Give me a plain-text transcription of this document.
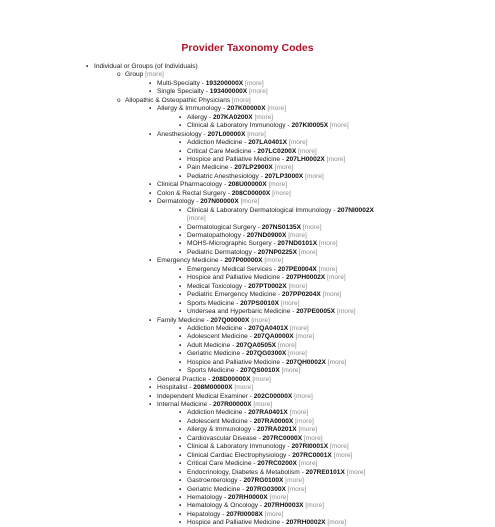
Provider Taxonomy Codes
▪ Individual or Groups (of Individuals)
o Group [more]
▪ Multi-Specialty - 193200000X [more]
▪ Single Specialty - 193400000X [more]
o Allopathic & Osteopathic Physicians [more]
▪ Allergy & Immunology - 207K00000X [more]
▪ Allergy - 207KA0200X [more]
▪ Clinical & Laboratory Immunology - 207KI0005X [more]
▪ Anesthesiology - 207L00000X [more]
▪ Addiction Medicine - 207LA0401X [more]
▪ Critical Care Medicine - 207LC0200X [more]
▪ Hospice and Palliative Medicine - 207LH0002X [more]
▪ Pain Medicine - 207LP2900X [more]
▪ Pediatric Anesthesiology - 207LP3000X [more]
▪ Clinical Pharmacology - 208U00000X [more]
▪ Colon & Rectal Surgery - 208C00000X [more]
▪ Dermatology - 207N00000X [more]
▪ Clinical & Laboratory Dermatological Immunology - 207NI0002X
[more]
▪ Dermatological Surgery - 207NS0135X [more]
▪ Dermatopathology - 207ND0900X [more]
▪ MOHS-Micrographic Surgery - 207ND0101X [more]
▪ Pediatric Dermatology - 207NP0225X [more]
▪ Emergency Medicine - 207P00000X [more]
▪ Emergency Medical Services - 207PE0004X [more]
▪ Hospice and Palliative Medicine - 207PH0002X [more]
▪ Medical Toxicology - 207PT0002X [more]
▪ Pediatric Emergency Medicine - 207PP0204X [more]
▪ Sports Medicine - 207PS0010X [more]
▪ Undersea and Hyperbaric Medicine - 207PE0005X [more]
▪ Family Medicine - 207Q00000X [more]
▪ Addiction Medicine - 207QA0401X [more]
▪ Adolescent Medicine - 207QA0000X [more]
▪ Adult Medicine - 207QA0505X [more]
▪ Geriatric Medicine - 207QG0300X [more]
▪ Hospice and Palliative Medicine - 207QH0002X [more]
▪ Sports Medicine - 207QS0010X [more]
▪ General Practice - 208D00000X [more]
▪ Hospitalist - 208M00000X [more]
▪ Independent Medical Examiner - 202C00000X [more]
▪ Internal Medicine - 207R00000X [more]
▪ Addiction Medicine - 207RA0401X [more]
▪ Adolescent Medicine - 207RA0000X [more]
▪ Allergy & Immunology - 207RA0201X [more]
▪ Cardiovascular Disease - 207RC0000X [more]
▪ Clinical & Laboratory Immunology - 207RI0001X [more]
▪ Clinical Cardiac Electrophysiology - 207RC0001X [more]
▪ Critical Care Medicine - 207RC0200X [more]
▪ Endocrinology, Diabetes & Metabolism - 207RE0101X [more]
▪ Gastroenterology - 207RG0100X [more]
▪ Geriatric Medicine - 207RG0300X [more]
▪ Hematology - 207RH0000X [more]
▪ Hematology & Oncology - 207RH0003X [more]
▪ Hepatology - 207RI0008X [more]
▪ Hospice and Palliative Medicine - 207RH0002X [more]
